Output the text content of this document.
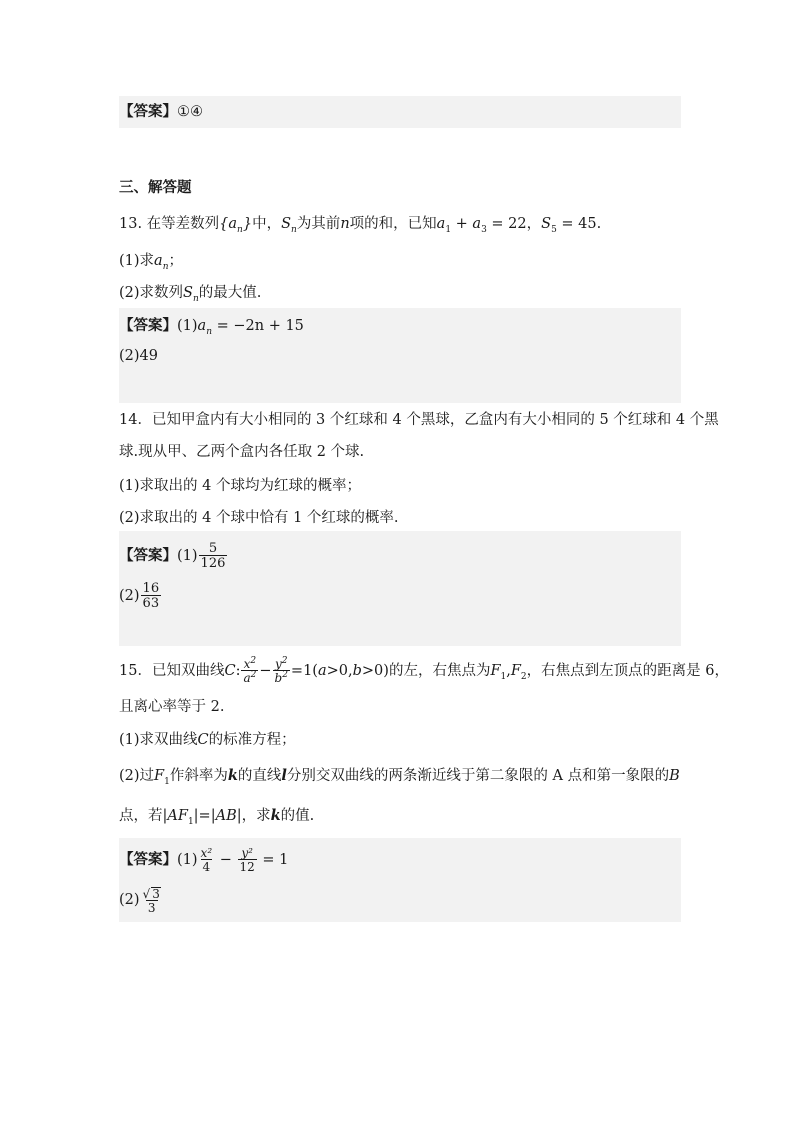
【答案】①④
三、解答题
13. 在等差数列$\{a_n\}$中，$S_n$为其前n项的和，已知$a_1 + a_3 = 22$，$S_5 = 45$.
(1)求$a_n$；
(2)求数列$S_n$的最大值.
【答案】$(1)a_n = -2n + 15$
(2)49
14．已知甲盒内有大小相同的 3 个红球和 4 个黑球，乙盒内有大小相同的 5 个红球和 4 个黑
球.现从甲、乙两个盒内各任取 2 个球.
(1)求取出的 4 个球均为红球的概率；
(2)求取出的 4 个球中恰有 1 个红球的概率.
【答案】$(1) \frac{5}{126}$
$(2) \frac{16}{63}$
15．已知双曲线C: $\frac{x^2}{a^2} - \frac{y^2}{b^2} =1(a>0,b>0)$的左，右焦点为$F_1,F_2$，右焦点到左顶点的距离是 6，
且离心率等于 2.
(1)求双曲线C的标准方程；
(2)过$F_1$作斜率为k的直线l分别交双曲线的两条渐近线于第二象限的 A 点和第一象限的B
点，若$|AF_1|=|AB|$，求k的值.
【答案】$(1) \frac{\text{x²}}{4} - \frac{\text{y²}}{12} = 1$
$(2) \frac{√ 3}{3}$
